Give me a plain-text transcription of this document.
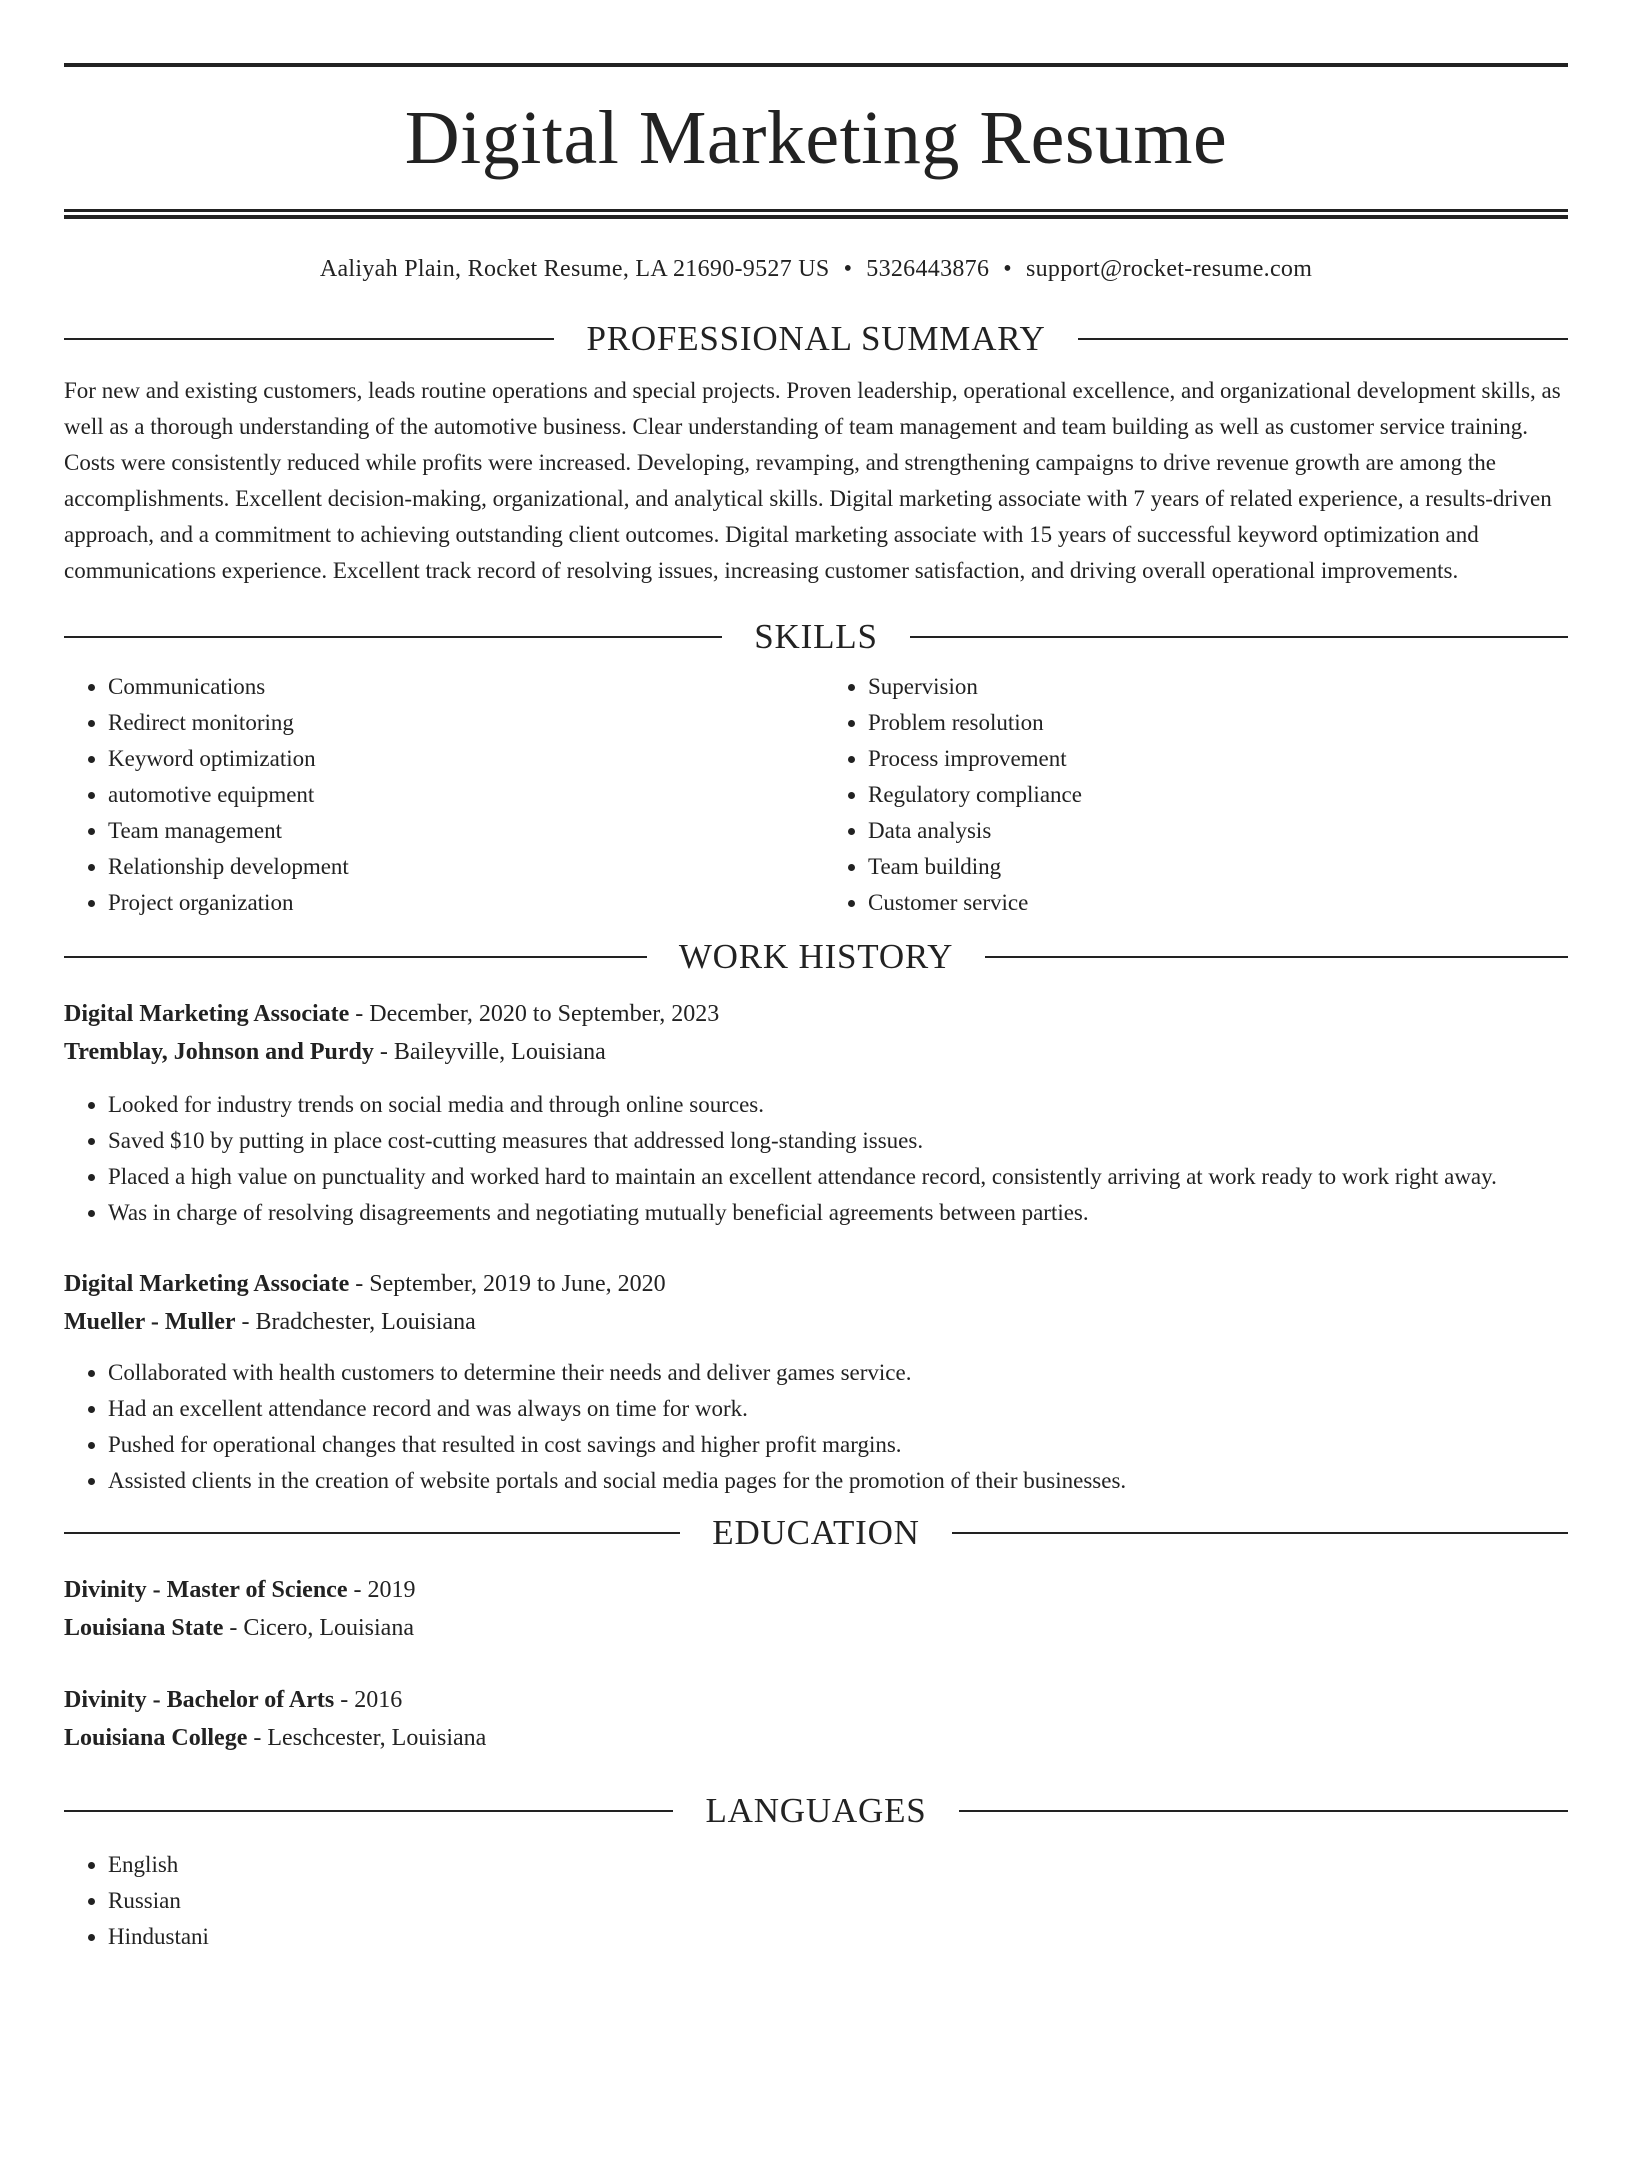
Digital Marketing Resume
Aaliyah Plain, Rocket Resume, LA 21690-9527 US • 5326443876 • support@rocket-resume.com
PROFESSIONAL SUMMARY

For new and existing customers, leads routine operations and special projects. Proven leadership, operational excellence, and organizational development skills, as well as a thorough understanding of the automotive business. Clear understanding of team management and team building as well as customer service training. Costs were consistently reduced while profits were increased. Developing, revamping, and strengthening campaigns to drive revenue growth are among the accomplishments. Excellent decision-making, organizational, and analytical skills. Digital marketing associate with 7 years of related experience, a results-driven approach, and a commitment to achieving outstanding client outcomes. Digital marketing associate with 15 years of successful keyword optimization and communications experience. Excellent track record of resolving issues, increasing customer satisfaction, and driving overall operational improvements.

SKILLS
• Communications
• Redirect monitoring
• Keyword optimization
• automotive equipment
• Team management
• Relationship development
• Project organization
• Supervision
• Problem resolution
• Process improvement
• Regulatory compliance
• Data analysis
• Team building
• Customer service
WORK HISTORY
Digital Marketing Associate - December, 2020 to September, 2023
Tremblay, Johnson and Purdy - Baileyville, Louisiana
• Looked for industry trends on social media and through online sources.
• Saved $10 by putting in place cost-cutting measures that addressed long-standing issues.
• Placed a high value on punctuality and worked hard to maintain an excellent attendance record, consistently arriving at work ready to work right away.
• Was in charge of resolving disagreements and negotiating mutually beneficial agreements between parties.
Digital Marketing Associate - September, 2019 to June, 2020
Mueller - Muller - Bradchester, Louisiana
• Collaborated with health customers to determine their needs and deliver games service.
• Had an excellent attendance record and was always on time for work.
• Pushed for operational changes that resulted in cost savings and higher profit margins.
• Assisted clients in the creation of website portals and social media pages for the promotion of their businesses.
EDUCATION
Divinity - Master of Science - 2019
Louisiana State - Cicero, Louisiana
Divinity - Bachelor of Arts - 2016
Louisiana College - Leschcester, Louisiana
LANGUAGES
• English
• Russian
• Hindustani
